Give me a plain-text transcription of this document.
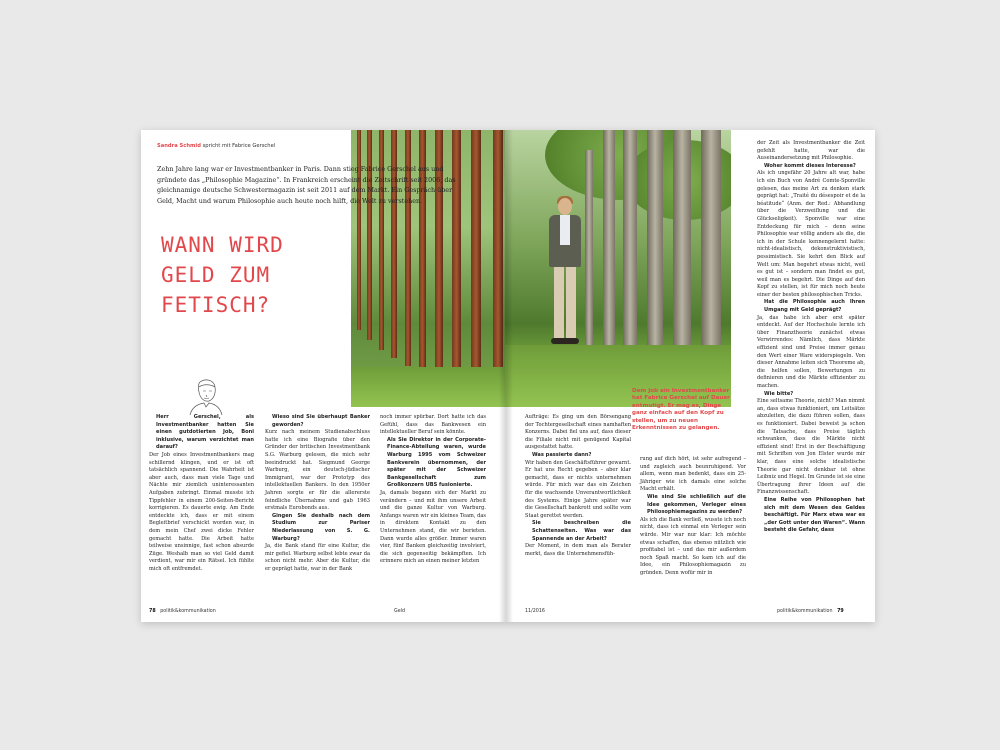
Sandra Schmid spricht mit Fabrice Gerschel
Zehn Jahre lang war er Investmentbanker in Paris. Dann stieg Fabrice Gerschel aus und gründete das „Philosophie Magazine“. In Frankreich erscheint die Zeitschrift seit 2006, das gleichnamige deutsche Schwestermagazin ist seit 2011 auf dem Markt. Ein Gespräch über Geld, Macht und warum Philosophie auch heute noch hilft, die Welt zu verstehen.
WANN WIRD GELD ZUM FETISCH?

Herr Gerschel, als Investmentbanker hatten Sie einen gutdotierten Job, Boni inklusive, warum verzichtet man darauf?

Der Job eines Investmentbankers mag schillernd klingen, und er ist oft tatsächlich spannend. Die Wahrheit ist aber auch, dass man viele Tage und Nächte mir ziemlich uninteressanten Aufgaben zubringt. Einmal musste ich Tippfehler in einem 200-Seiten-Bericht korrigieren. Es dauerte ewig. Am Ende entdeckte ich, dass er mit einem Begleitbrief verschickt worden war, in dem mein Chef zwei dicke Fehler gemacht hatte. Die Arbeit hatte teilweise unsinnige, fast schon absurde Züge. Weshalb man so viel Geld damit verdient, war mir ein Rätsel. Ich fühlte mich oft entfremdet.

Wieso sind Sie überhaupt Banker geworden?

Kurz nach meinem Studienabschluss hatte ich eine Biografie über den Gründer der britischen Investmentbank S.G. Warburg gelesen, die mich sehr beeindruckt hat. Siegmund George Warburg, ein deutsch-jüdischer Immigrant, war der Prototyp des intellektuellen Bankers. In den 1950er Jahren sorgte er für die allererste feindliche Übernahme und gab 1963 erstmals Eurobonds aus.

Gingen Sie deshalb nach dem Studium zur Pariser Niederlassung von S. G. Warburg?

Ja, die Bank stand für eine Kultur, die mir gefiel. Warburg selbst lebte zwar da schon nicht mehr. Aber die Kultur, die er geprägt hatte, war in der Bank

noch immer spürbar. Dort hatte ich das Gefühl, dass das Bankwesen ein intellektueller Beruf sein könnte.

Als Sie Direktor in der Corporate-Finance-Abteilung waren, wurde Warburg 1995 vom Schweizer Bankverein übernommen, der später mit der Schweizer Bankgesellschaft zum Großkonzern UBS fusionierte.

Ja, damals begann sich der Markt zu verändern – und mit ihm unsere Arbeit und die ganze Kultur von Warburg. Anfangs waren wir ein kleines Team, das in direktem Kontakt zu den Unternehmen stand, die wir berieten. Dann wurde alles größer. Immer waren vier, fünf Banken gleichzeitig involviert, die sich gegenseitig bekämpften. Ich erinnere mich an einen meiner letzten

78 politik&kommunikation	Geld
Dem Job ein Investmentbanker hat Fabrice Gerschel auf Dauer entmutigt. Er mag es, Dinge ganz einfach auf den Kopf zu stellen, um zu neuen Erkenntnissen zu gelangen.

Aufträge: Es ging um den Börsengang der Tochtergesellschaft eines namhaften Konzerns. Dabei fiel uns auf, dass dieser die Filiale nicht mit genügend Kapital ausgestattet hatte.

Was passierte dann?

Wir haben den Geschäftsführer gewarnt. Er hat uns Recht gegeben – aber klar gemacht, dass er nichts unternehmen würde. Für mich war das ein Zeichen für die wachsende Unverantwortlichkeit des Systems. Einige Jahre später war die Gesellschaft bankrott und sollte vom Staat gerettet werden.

Sie beschreiben die Schattenseiten. Was war das Spannende an der Arbeit?

Der Moment, in dem man als Berater merkt, dass die Unternehmensfüh-

rung auf dich hört, ist sehr aufregend – und zugleich auch beunruhigend. Vor allem, wenn man bedenkt, dass ein 25-Jähriger wie ich damals eine solche Macht erhält.

Wie sind Sie schließlich auf die Idee gekommen, Verleger eines Philosophiemagazins zu werden?

Als ich die Bank verließ, wusste ich noch nicht, dass ich einmal ein Verleger sein würde. Mir war nur klar: Ich möchte etwas schaffen, das ebenso nützlich wie profitabel ist – und das mir außerdem noch Spaß macht. So kam ich auf die Idee, ein Philosophiemagazin zu gründen. Denn wofür mir in

der Zeit als Investmentbanker die Zeit gefehlt hatte, war die Auseinandersetzung mit Philosophie.

Woher kommt dieses Interesse?

Als ich ungefähr 20 Jahre alt war, habe ich ein Buch von André Comte-Sponville gelesen, das meine Art zu denken stark geprägt hat: „Traité du désespoir et de la béatitude“ (Anm. der Red.: Abhandlung über die Verzweiflung und die Glückseligkeit). Sponville war eine Entdeckung für mich – denn seine Philosophie war völlig anders als die, die ich in der Schule kennengelernt hatte: nicht-idealistisch, dekonstruktivistisch, pessimistisch. Sie kehrt den Blick auf Welt um: Man begehrt etwas nicht, weil es gut ist – sondern man findet es gut, weil man es begehrt. Die Dinge auf den Kopf zu stellen, ist für mich noch heute einer der besten philosophischen Tricks.

Hat die Philosophie auch Ihren Umgang mit Geld geprägt?

Ja, das habe ich aber erst später entdeckt. Auf der Hochschule lernte ich über Finanztheorie zunächst etwas Verwirrendes: Nämlich, dass Märkte effizient sind und Preise immer genau den Wert einer Ware widerspiegeln. Von dieser Annahme leiten sich Theoreme ab, die helfen sollen, Bewertungen zu definieren und die Märkte effizienter zu machen.

Wie bitte?

Eine seltsame Theorie, nicht? Man nimmt an, dass etwas funktioniert, um Leitsätze abzuleiten, die dazu führen sollen, dass es funktioniert. Dabei beweist ja schon die Tatsache, dass Preise täglich schwanken, dass die Märkte nicht effizient sind! Erst in der Beschäftigung mit Schriften von Jon Elster wurde mir klar, dass eine solche idealistische Theorie gar nicht denkbar ist ohne Leibniz und Hegel. Im Grunde ist sie eine Übertragung ihrer Ideen auf die Finanzwissenschaft.

Eine Reihe von Philosophen hat sich mit dem Wesen des Geldes beschäftigt. Für Marx etwa war es „der Gott unter den Waren“. Wann besteht die Gefahr, dass

11/2016	politik&kommunikation 79
